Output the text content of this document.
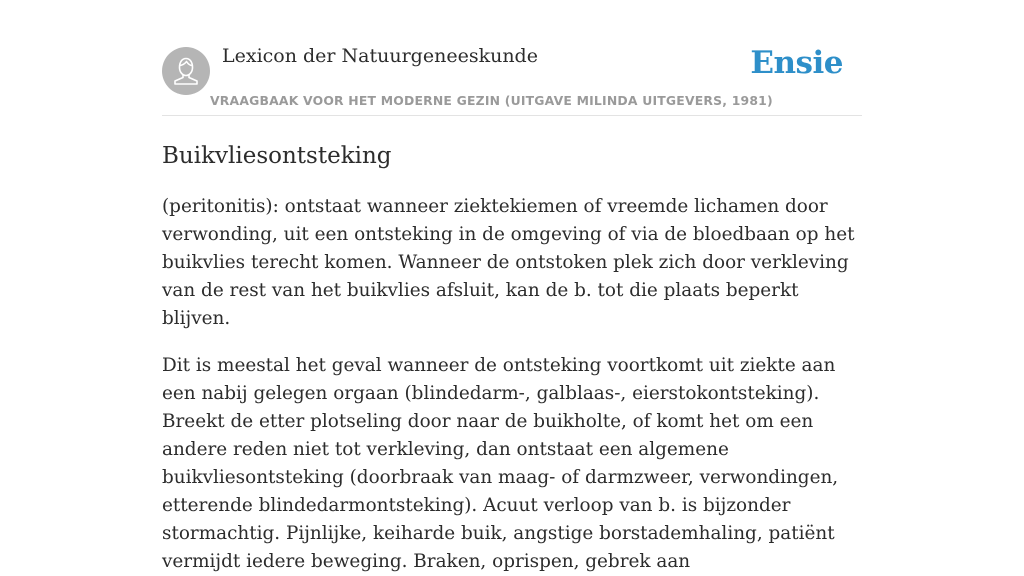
Lexicon der Natuurgeneeskunde
VRAAGBAAK VOOR HET MODERNE GEZIN (UITGAVE MILINDA UITGEVERS, 1981)
Ensie
Buikvliesontsteking

(peritonitis): ontstaat wanneer ziektekiemen of vreemde lichamen door verwonding, uit een ontsteking in de omgeving of via de bloedbaan op het buikvlies terecht komen. Wanneer de ontstoken plek zich door verkleving van de rest van het buikvlies afsluit, kan de b. tot die plaats beperkt blijven.

Dit is meestal het geval wanneer de ontsteking voortkomt uit ziekte aan een nabij gelegen orgaan (blindedarm-, galblaas-, eierstokontsteking). Breekt de etter plotseling door naar de buikholte, of komt het om een andere reden niet tot verkleving, dan ontstaat een algemene buikvliesontsteking (doorbraak van maag- of darmzweer, verwondingen, etterende blindedarmontsteking). Acuut verloop van b. is bijzonder stormachtig. Pijnlijke, keiharde buik, angstige borstademhaling, patiënt vermijdt iedere beweging. Braken, oprispen, gebrek aan
